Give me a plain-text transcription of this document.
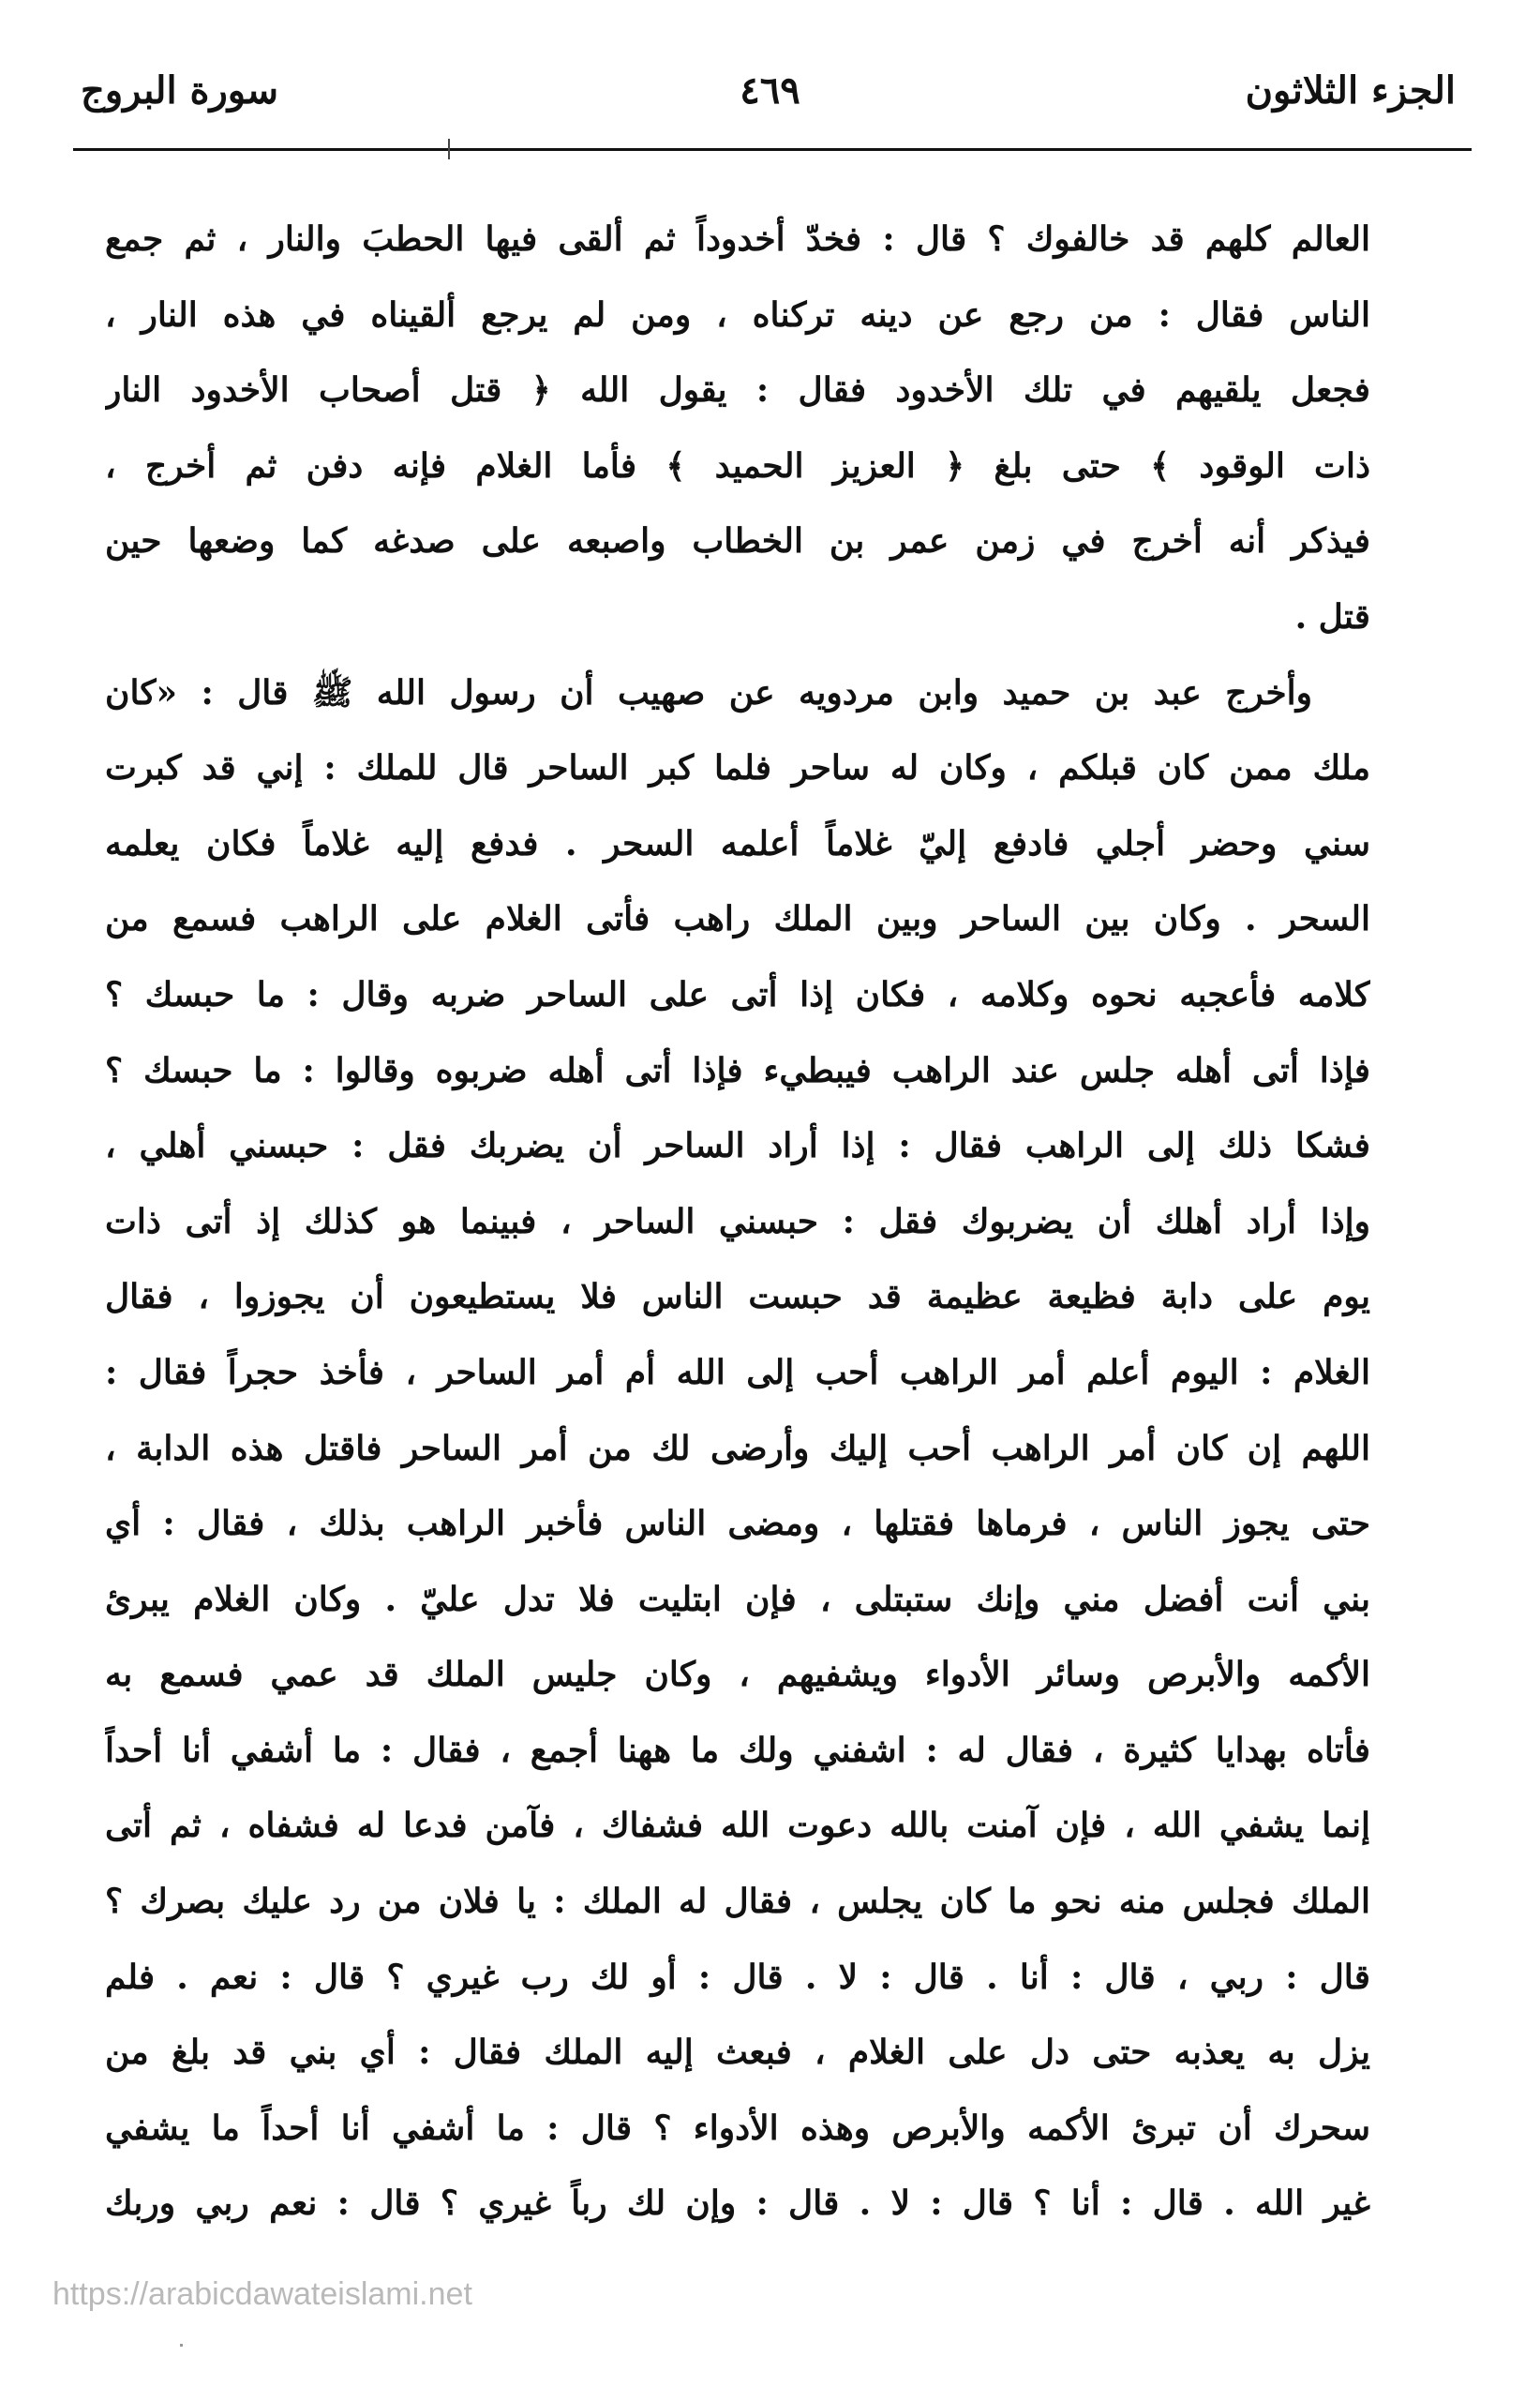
الجزء الثلاثون
٤٦٩
سورة البروج
العالم كلهم قد خالفوك ؟ قال : فخدّ أخدوداً ثم ألقى فيها الحطبَ والنار ، ثم جمع
الناس فقال : من رجع عن دينه تركناه ، ومن لم يرجع ألقيناه في هذه النار ،
فجعل يلقيهم في تلك الأخدود فقال : يقول الله ﴿ قتل أصحاب الأخدود النار
ذات الوقود ﴾ حتى بلغ ﴿ العزيز الحميد ﴾ فأما الغلام فإنه دفن ثم أخرج ،
فيذكر أنه أخرج في زمن عمر بن الخطاب واصبعه على صدغه كما وضعها حين
قتل .
وأخرج عبد بن حميد وابن مردويه عن صهيب أن رسول الله ﷺ قال : «كان
ملك ممن كان قبلكم ، وكان له ساحر فلما كبر الساحر قال للملك : إني قد كبرت
سني وحضر أجلي فادفع إليّ غلاماً أعلمه السحر . فدفع إليه غلاماً فكان يعلمه
السحر . وكان بين الساحر وبين الملك راهب فأتى الغلام على الراهب فسمع من
كلامه فأعجبه نحوه وكلامه ، فكان إذا أتى على الساحر ضربه وقال : ما حبسك ؟
فإذا أتى أهله جلس عند الراهب فيبطيء فإذا أتى أهله ضربوه وقالوا : ما حبسك ؟
فشكا ذلك إلى الراهب فقال : إذا أراد الساحر أن يضربك فقل : حبسني أهلي ،
وإذا أراد أهلك أن يضربوك فقل : حبسني الساحر ، فبينما هو كذلك إذ أتى ذات
يوم على دابة فظيعة عظيمة قد حبست الناس فلا يستطيعون أن يجوزوا ، فقال
الغلام : اليوم أعلم أمر الراهب أحب إلى الله أم أمر الساحر ، فأخذ حجراً فقال :
اللهم إن كان أمر الراهب أحب إليك وأرضى لك من أمر الساحر فاقتل هذه الدابة ،
حتى يجوز الناس ، فرماها فقتلها ، ومضى الناس فأخبر الراهب بذلك ، فقال : أي
بني أنت أفضل مني وإنك ستبتلى ، فإن ابتليت فلا تدل عليّ . وكان الغلام يبرئ
الأكمه والأبرص وسائر الأدواء ويشفيهم ، وكان جليس الملك قد عمي فسمع به
فأتاه بهدايا كثيرة ، فقال له : اشفني ولك ما ههنا أجمع ، فقال : ما أشفي أنا أحداً
إنما يشفي الله ، فإن آمنت بالله دعوت الله فشفاك ، فآمن فدعا له فشفاه ، ثم أتى
الملك فجلس منه نحو ما كان يجلس ، فقال له الملك : يا فلان من رد عليك بصرك ؟
قال : ربي ، قال : أنا . قال : لا . قال : أو لك رب غيري ؟ قال : نعم . فلم
يزل به يعذبه حتى دل على الغلام ، فبعث إليه الملك فقال : أي بني قد بلغ من
سحرك أن تبرئ الأكمه والأبرص وهذه الأدواء ؟ قال : ما أشفي أنا أحداً ما يشفي
غير الله . قال : أنا ؟ قال : لا . قال : وإن لك رباً غيري ؟ قال : نعم ربي وربك
https://arabicdawateislami.net
